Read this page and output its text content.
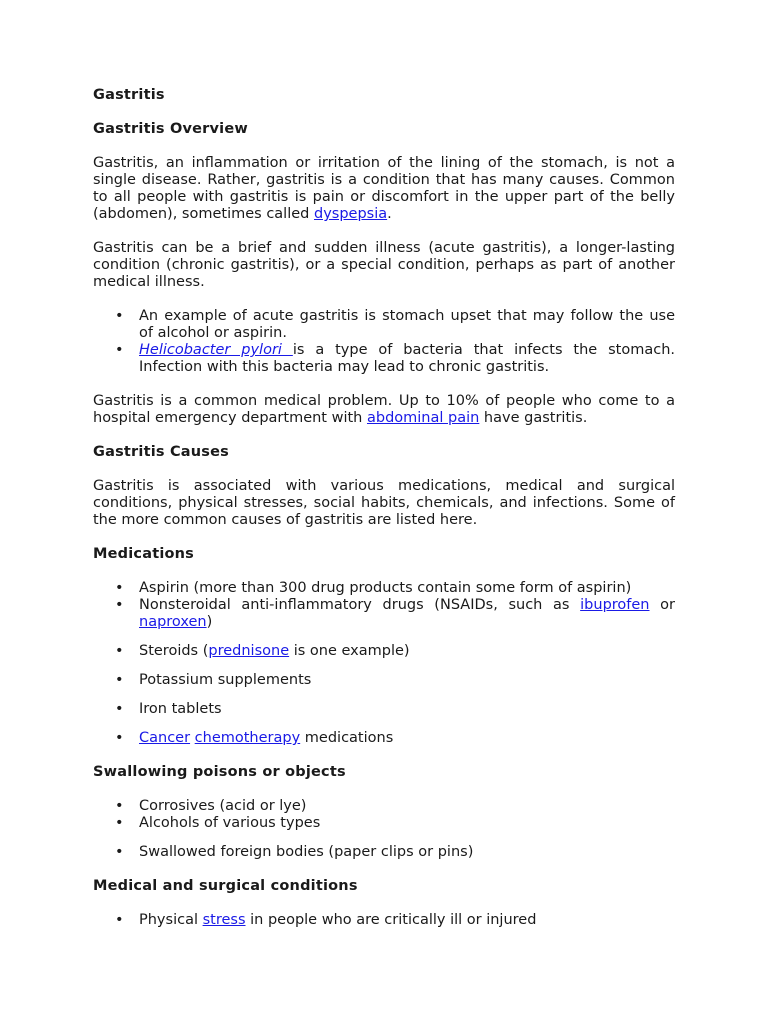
Gastritis
Gastritis Overview

Gastritis, an inflammation or irritation of the lining of the stomach, is not a single disease. Rather, gastritis is a condition that has many causes. Common to all people with gastritis is pain or discomfort in the upper part of the belly (abdomen), sometimes called dyspepsia.

Gastritis can be a brief and sudden illness (acute gastritis), a longer-lasting condition (chronic gastritis), or a special condition, perhaps as part of another medical illness.

• An example of acute gastritis is stomach upset that may follow the use of alcohol or aspirin.
• Helicobacter pylori is a type of bacteria that infects the stomach. Infection with this bacteria may lead to chronic gastritis.

Gastritis is a common medical problem. Up to 10% of people who come to a hospital emergency department with abdominal pain have gastritis.

Gastritis Causes

Gastritis is associated with various medications, medical and surgical conditions, physical stresses, social habits, chemicals, and infections. Some of the more common causes of gastritis are listed here.

Medications
• Aspirin (more than 300 drug products contain some form of aspirin)
• Nonsteroidal anti-inflammatory drugs (NSAIDs, such as ibuprofen or naproxen)
• Steroids (prednisone is one example)
• Potassium supplements
• Iron tablets
• Cancer chemotherapy medications
Swallowing poisons or objects
• Corrosives (acid or lye)
• Alcohols of various types
• Swallowed foreign bodies (paper clips or pins)
Medical and surgical conditions
• Physical stress in people who are critically ill or injured
